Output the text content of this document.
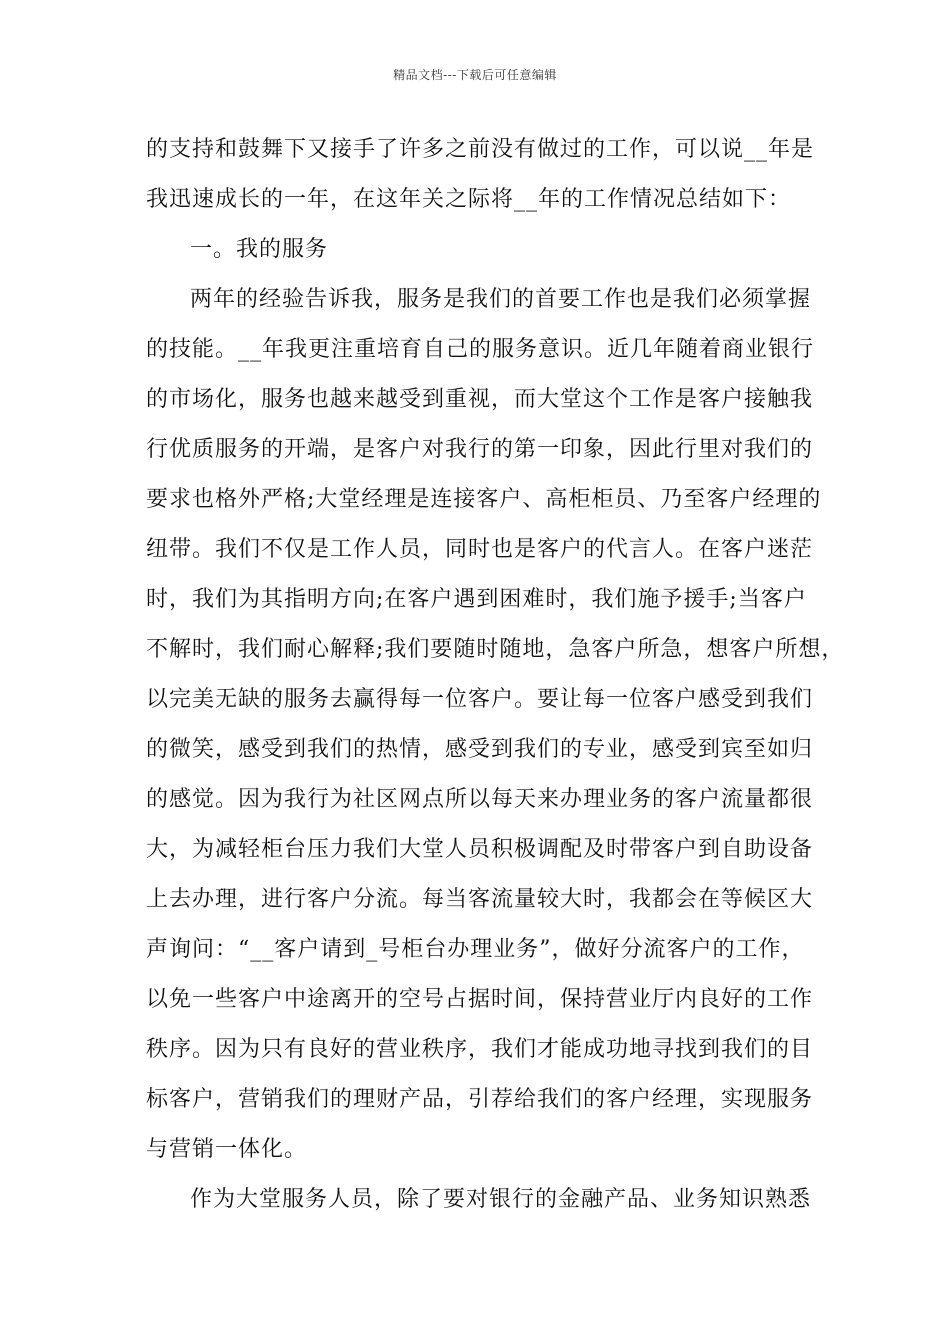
精品文档---下载后可任意编辑
的支持和鼓舞下又接手了许多之前没有做过的工作，可以说__年是
我迅速成长的一年，在这年关之际将__年的工作情况总结如下：
一。我的服务
两年的经验告诉我，服务是我们的首要工作也是我们必须掌握
的技能。__年我更注重培育自己的服务意识。近几年随着商业银行
的市场化，服务也越来越受到重视，而大堂这个工作是客户接触我
行优质服务的开端，是客户对我行的第一印象，因此行里对我们的
要求也格外严格;大堂经理是连接客户、高柜柜员、乃至客户经理的
纽带。我们不仅是工作人员，同时也是客户的代言人。在客户迷茫
时，我们为其指明方向;在客户遇到困难时，我们施予援手;当客户
不解时，我们耐心解释;我们要随时随地，急客户所急，想客户所想，
以完美无缺的服务去赢得每一位客户。要让每一位客户感受到我们
的微笑，感受到我们的热情，感受到我们的专业，感受到宾至如归
的感觉。因为我行为社区网点所以每天来办理业务的客户流量都很
大，为减轻柜台压力我们大堂人员积极调配及时带客户到自助设备
上去办理，进行客户分流。每当客流量较大时，我都会在等候区大
声询问：“__客户请到_号柜台办理业务”，做好分流客户的工作，
以免一些客户中途离开的空号占据时间，保持营业厅内良好的工作
秩序。因为只有良好的营业秩序，我们才能成功地寻找到我们的目
标客户，营销我们的理财产品，引荐给我们的客户经理，实现服务
与营销一体化。
作为大堂服务人员，除了要对银行的金融产品、业务知识熟悉
